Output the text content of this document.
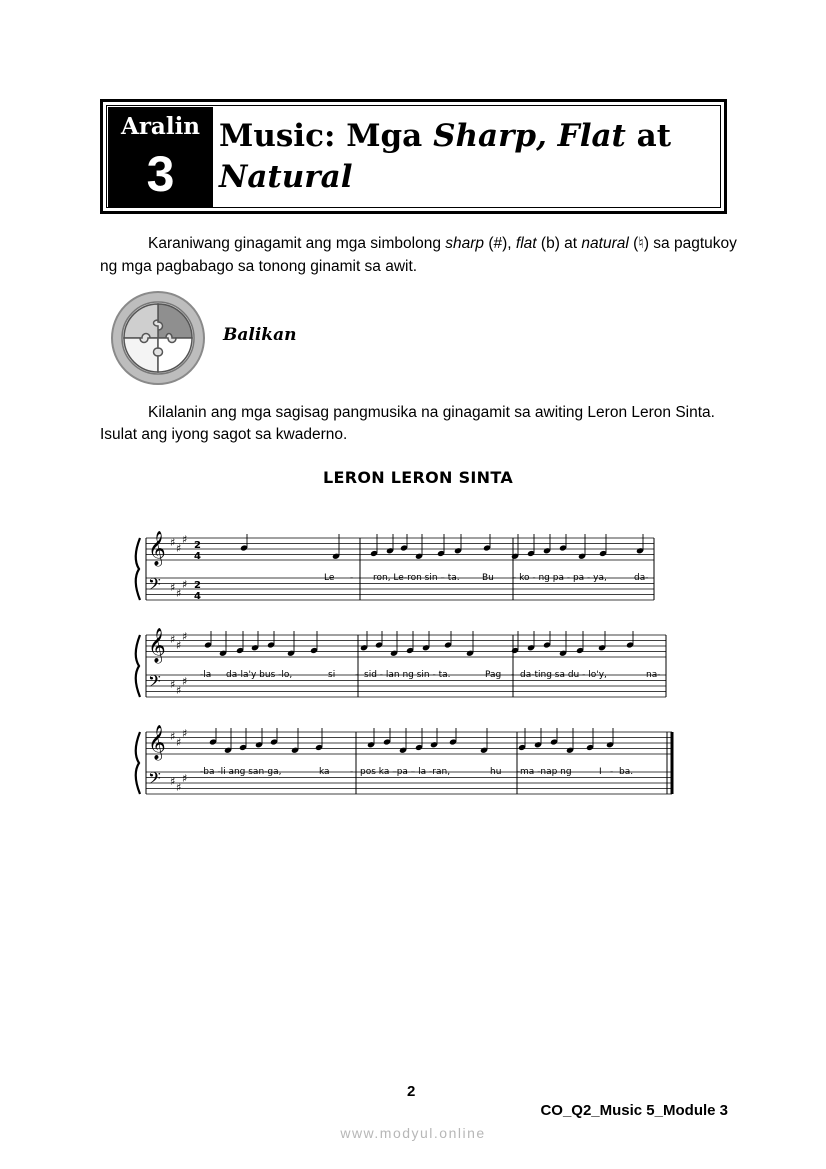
Aralin
3
Music: Mga Sharp, Flat at
Natural
Karaniwang ginagamit ang mga simbolong sharp (#), flat (b) at natural (♮) sa pagtukoy
ng mga pagbabago sa tonong ginamit sa awit.
Balikan
Kilalanin ang mga sagisag pangmusika na ginagamit sa awiting Leron Leron Sinta.
Isulat ang iyong sagot sa kwaderno.
LERON LERON SINTA
𝄞
𝄢
♯ ♯
♯
♯ ♯
♯
2
4
2
4
𝄞
𝄢
♯ ♯
♯
♯ ♯
♯
𝄞
𝄢
♯ ♯
♯
♯ ♯
♯
Le - ron, Le-ron sin – ta. Bu - ko - ng pa - pa - ya,	da-
-la da-la'y bus -lo,	si - sid - lan ng sin - ta.	Pag - da-ting sa du - lo'y,	na-
-ba -li ang san-ga,	ka - pos ka –pa – la -ran,	hu - ma -nap ng	I - ba.
2
CO_Q2_Music 5_Module 3
www.modyul.online
